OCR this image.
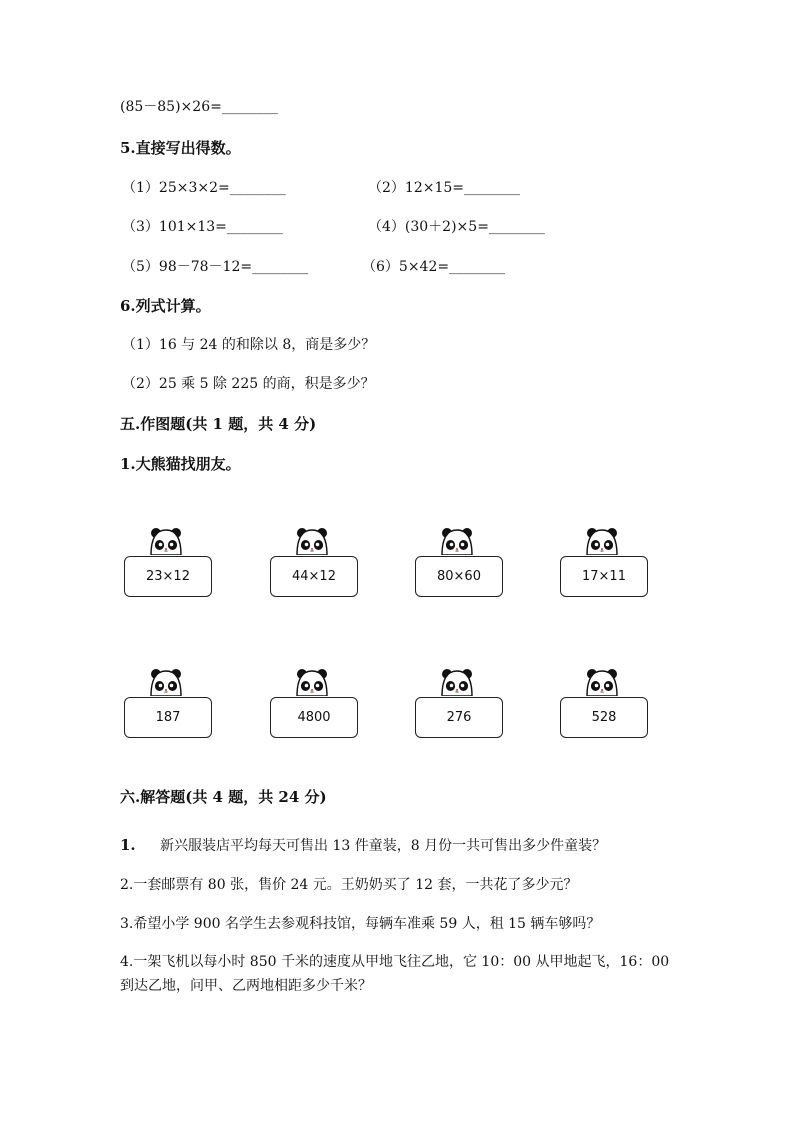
(85－85)×26=________
5.直接写出得数。
（1）25×3×2=________	（2）12×15=________
（3）101×13=________	（4）(30＋2)×5=________
（5）98－78－12=________	（6）5×42=________
6.列式计算。
（1）16 与 24 的和除以 8，商是多少？
（2）25 乘 5 除 225 的商，积是多少？
五.作图题(共 1 题，共 4 分)
1.大熊猫找朋友。
23×12	44×12	80×60	17×11
187	4800	276	528
六.解答题(共 4 题，共 24 分)
1. 新兴服装店平均每天可售出 13 件童装，8 月份一共可售出多少件童装？
2.一套邮票有 80 张，售价 24 元。王奶奶买了 12 套，一共花了多少元？
3.希望小学 900 名学生去参观科技馆，每辆车准乘 59 人，租 15 辆车够吗？
4.一架飞机以每小时 850 千米的速度从甲地飞往乙地，它 10：00 从甲地起飞，16：00 到达乙地，问甲、乙两地相距多少千米？
